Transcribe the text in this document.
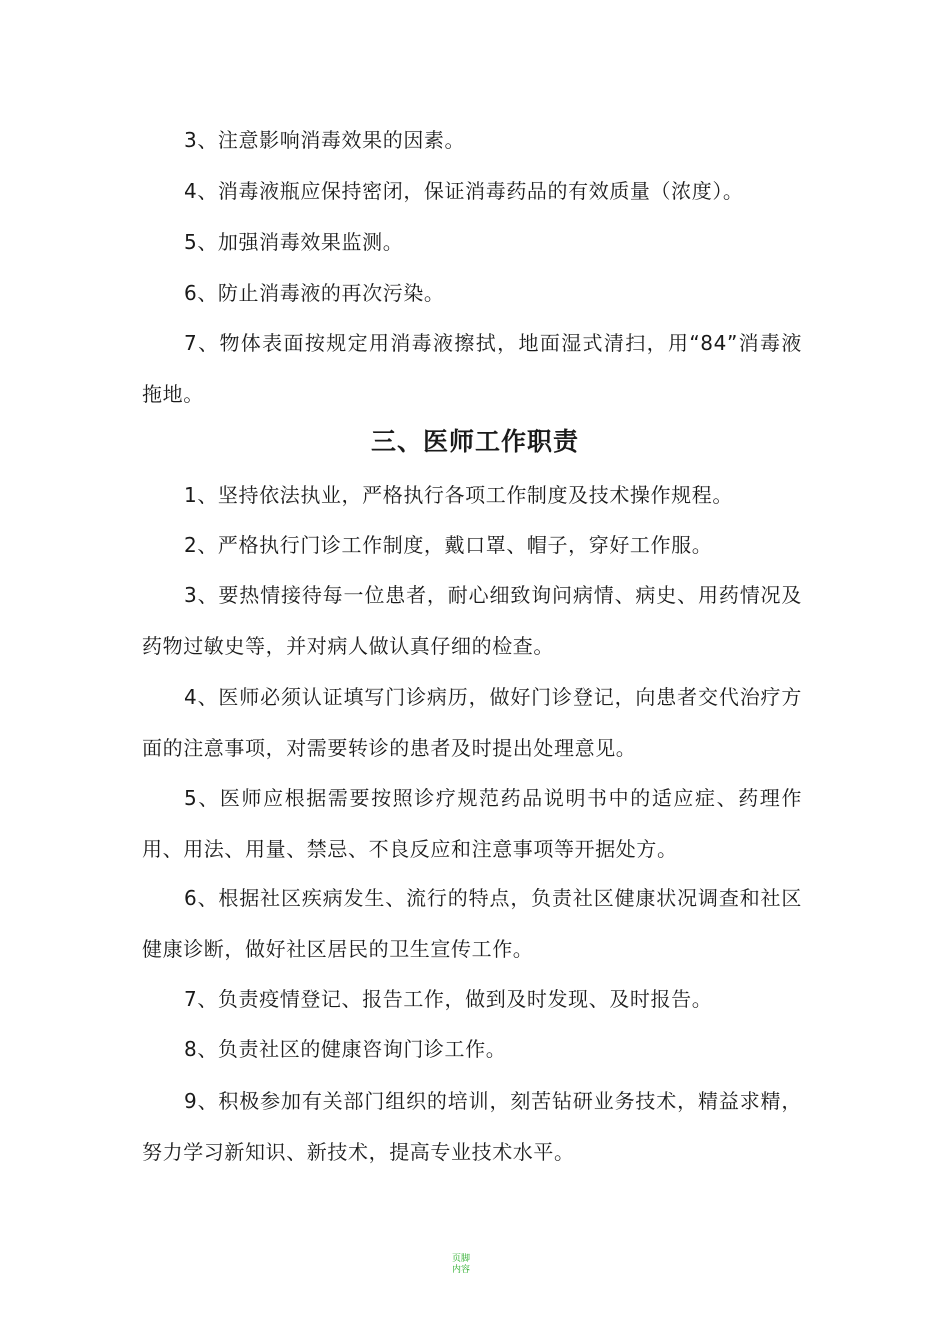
3、注意影响消毒效果的因素。

4、消毒液瓶应保持密闭，保证消毒药品的有效质量（浓度）。

5、加强消毒效果监测。

6、防止消毒液的再次污染。

7、物体表面按规定用消毒液擦拭，地面湿式清扫，用“84”消毒液拖地。

三、医师工作职责

1、坚持依法执业，严格执行各项工作制度及技术操作规程。

2、严格执行门诊工作制度，戴口罩、帽子，穿好工作服。

3、要热情接待每一位患者，耐心细致询问病情、病史、用药情况及药物过敏史等，并对病人做认真仔细的检查。

4、医师必须认证填写门诊病历，做好门诊登记，向患者交代治疗方面的注意事项，对需要转诊的患者及时提出处理意见。

5、医师应根据需要按照诊疗规范药品说明书中的适应症、药理作用、用法、用量、禁忌、不良反应和注意事项等开据处方。

6、根据社区疾病发生、流行的特点，负责社区健康状况调查和社区健康诊断，做好社区居民的卫生宣传工作。

7、负责疫情登记、报告工作，做到及时发现、及时报告。

8、负责社区的健康咨询门诊工作。

9、积极参加有关部门组织的培训，刻苦钻研业务技术，精益求精，努力学习新知识、新技术，提高专业技术水平。

页脚内容
